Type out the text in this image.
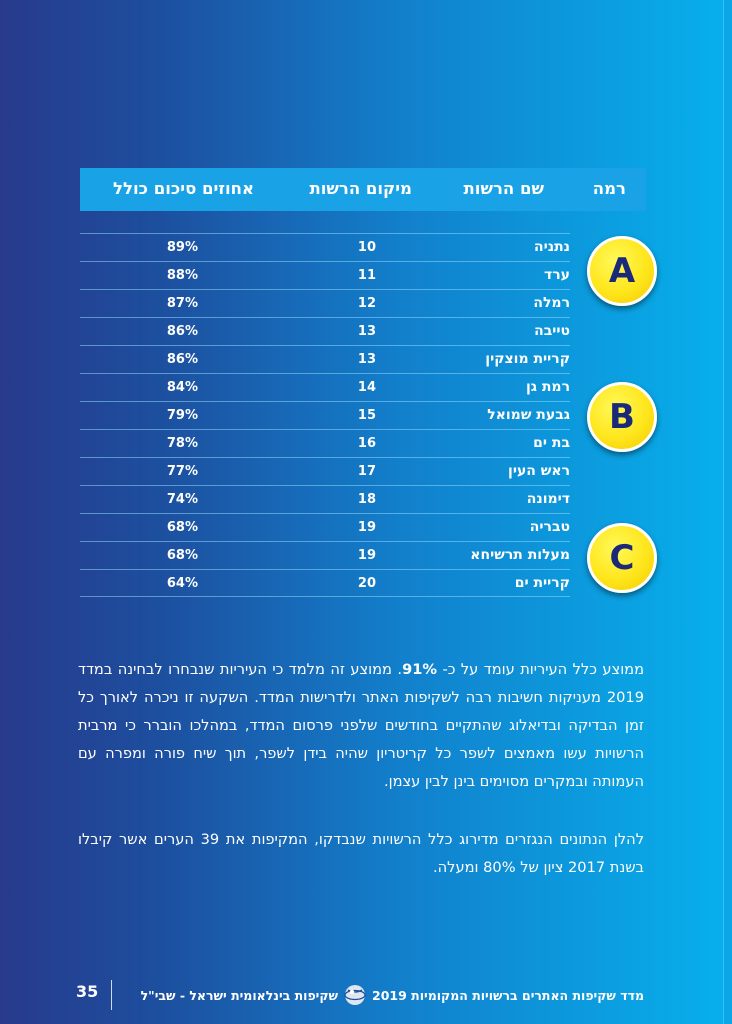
רמה
שם הרשות
מיקום הרשות
אחוזים סיכום כולל
נתניה
10
89%
ערד
11
88%
רמלה
12
87%
טייבה
13
86%
קריית מוצקין
13
86%
רמת גן
14
84%
גבעת שמואל
15
79%
בת ים
16
78%
ראש העין
17
77%
דימונה
18
74%
טבריה
19
68%
מעלות תרשיחא
19
68%
קריית ים
20
64%
A
B
C
ממוצע כלל העיריות עומד על כ- 91%. ממוצע זה מלמד כי העיריות שנבחרו לבחינה במדד 2019 מעניקות חשיבות רבה לשקיפות האתר ולדרישות המדד. השקעה זו ניכרה לאורך כל זמן הבדיקה ובדיאלוג שהתקיים בחודשים שלפני פרסום המדד, במהלכו הוברר כי מרבית הרשויות עשו מאמצים לשפר כל קריטריון שהיה בידן לשפר, תוך שיח פורה ומפרה עם העמותה ובמקרים מסוימים בינן לבין עצמן.
להלן הנתונים הנגזרים מדירוג כלל הרשויות שנבדקו, המקיפות את 39 הערים אשר קיבלו בשנת 2017 ציון של 80% ומעלה.
35	מדד שקיפות האתרים ברשויות המקומיות 2019
שקיפות בינלאומית ישראל - שבי"ל
